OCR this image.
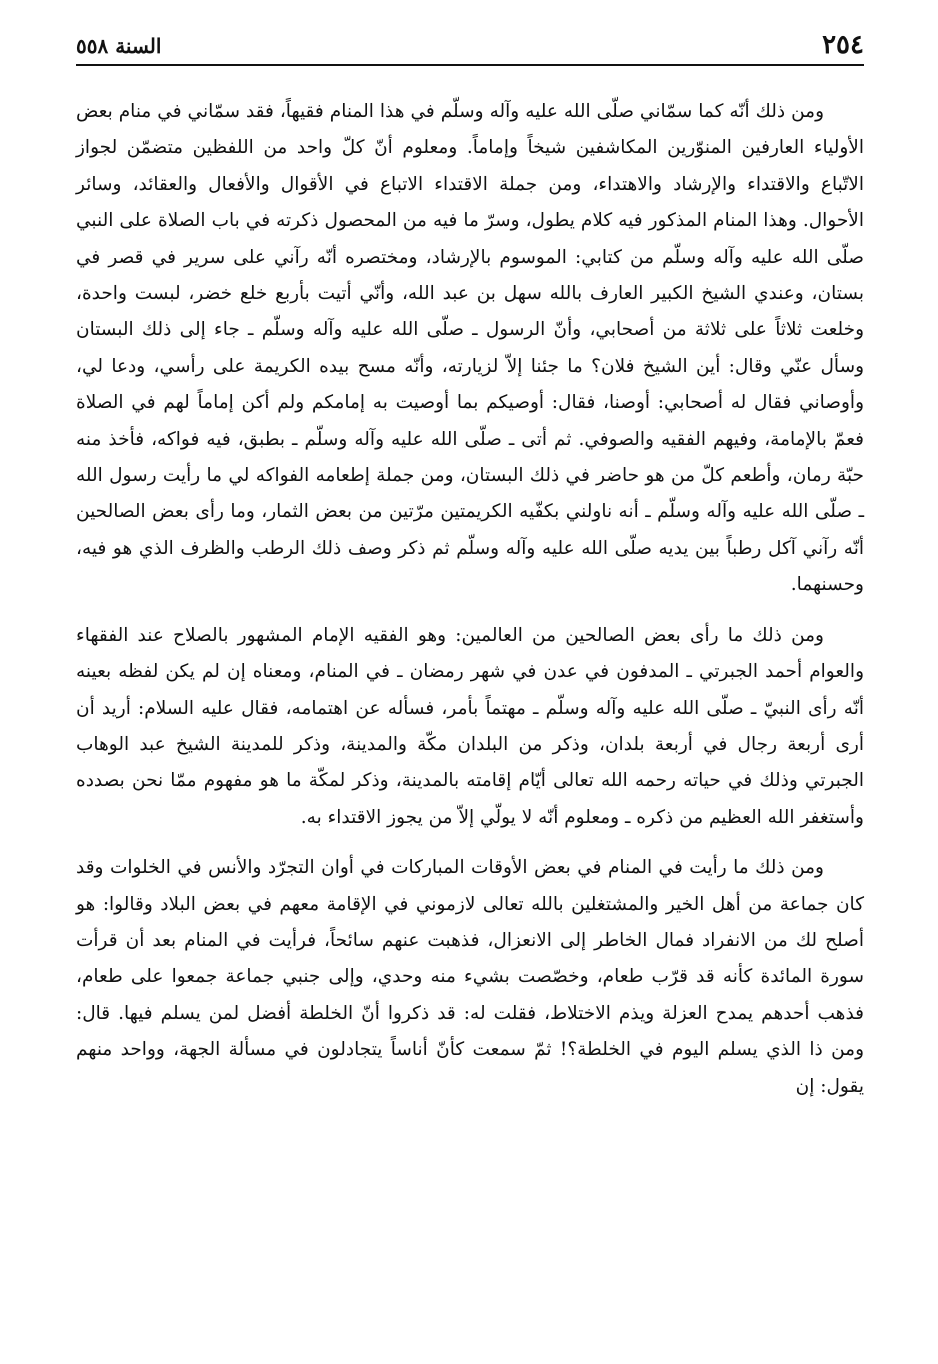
٢٥٤
السنة ٥٥٨

ومن ذلك أنّه كما سمّاني صلّى الله عليه وآله وسلّم في هذا المنام فقيهاً، فقد سمّاني في منام بعض الأولياء العارفين المنوّرين المكاشفين شيخاً وإماماً. ومعلوم أنّ كلّ واحد من اللفظين متضمّن لجواز الاتّباع والاقتداء والإرشاد والاهتداء، ومن جملة الاقتداء الاتباع في الأقوال والأفعال والعقائد، وسائر الأحوال. وهذا المنام المذكور فيه كلام يطول، وسرّ ما فيه من المحصول ذكرته في باب الصلاة على النبي صلّى الله عليه وآله وسلّم من كتابي: الموسوم بالإرشاد، ومختصره أنّه رآني على سرير في قصر في بستان، وعندي الشيخ الكبير العارف بالله سهل بن عبد الله، وأنّي أتيت بأربع خلع خضر، لبست واحدة، وخلعت ثلاثاً على ثلاثة من أصحابي، وأنّ الرسول ـ صلّى الله عليه وآله وسلّم ـ جاء إلى ذلك البستان وسأل عنّي وقال: أين الشيخ فلان؟ ما جئنا إلاّ لزيارته، وأنّه مسح بيده الكريمة على رأسي، ودعا لي، وأوصاني فقال له أصحابي: أوصنا، فقال: أوصيكم بما أوصيت به إمامكم ولم أكن إماماً لهم في الصلاة فعمّ بالإمامة، وفيهم الفقيه والصوفي. ثم أتى ـ صلّى الله عليه وآله وسلّم ـ بطبق، فيه فواكه، فأخذ منه حبّة رمان، وأطعم كلّ من هو حاضر في ذلك البستان، ومن جملة إطعامه الفواكه لي ما رأيت رسول الله ـ صلّى الله عليه وآله وسلّم ـ أنه ناولني بكفّيه الكريمتين مرّتين من بعض الثمار، وما رأى بعض الصالحين أنّه رآني آكل رطباً بين يديه صلّى الله عليه وآله وسلّم ثم ذكر وصف ذلك الرطب والظرف الذي هو فيه، وحسنهما.

ومن ذلك ما رأى بعض الصالحين من العالمين: وهو الفقيه الإمام المشهور بالصلاح عند الفقهاء والعوام أحمد الجبرتي ـ المدفون في عدن في شهر رمضان ـ في المنام، ومعناه إن لم يكن لفظه بعينه أنّه رأى النبيّ ـ صلّى الله عليه وآله وسلّم ـ مهتماً بأمر، فسأله عن اهتمامه، فقال عليه السلام: أريد أن أرى أربعة رجال في أربعة بلدان، وذكر من البلدان مكّة والمدينة، وذكر للمدينة الشيخ عبد الوهاب الجبرتي وذلك في حياته رحمه الله تعالى أيّام إقامته بالمدينة، وذكر لمكّة ما هو مفهوم ممّا نحن بصدده وأستغفر الله العظيم من ذكره ـ ومعلوم أنّه لا يولّي إلاّ من يجوز الاقتداء به.

ومن ذلك ما رأيت في المنام في بعض الأوقات المباركات في أوان التجرّد والأنس في الخلوات وقد كان جماعة من أهل الخير والمشتغلين بالله تعالى لازموني في الإقامة معهم في بعض البلاد وقالوا: هو أصلح لك من الانفراد فمال الخاطر إلى الانعزال، فذهبت عنهم سائحاً، فرأيت في المنام بعد أن قرأت سورة المائدة كأنه قد قرّب طعام، وخصّصت بشيء منه وحدي، وإلى جنبي جماعة جمعوا على طعام، فذهب أحدهم يمدح العزلة ويذم الاختلاط، فقلت له: قد ذكروا أنّ الخلطة أفضل لمن يسلم فيها. قال: ومن ذا الذي يسلم اليوم في الخلطة؟! ثمّ سمعت كأنّ أناساً يتجادلون في مسألة الجهة، وواحد منهم يقول: إن
